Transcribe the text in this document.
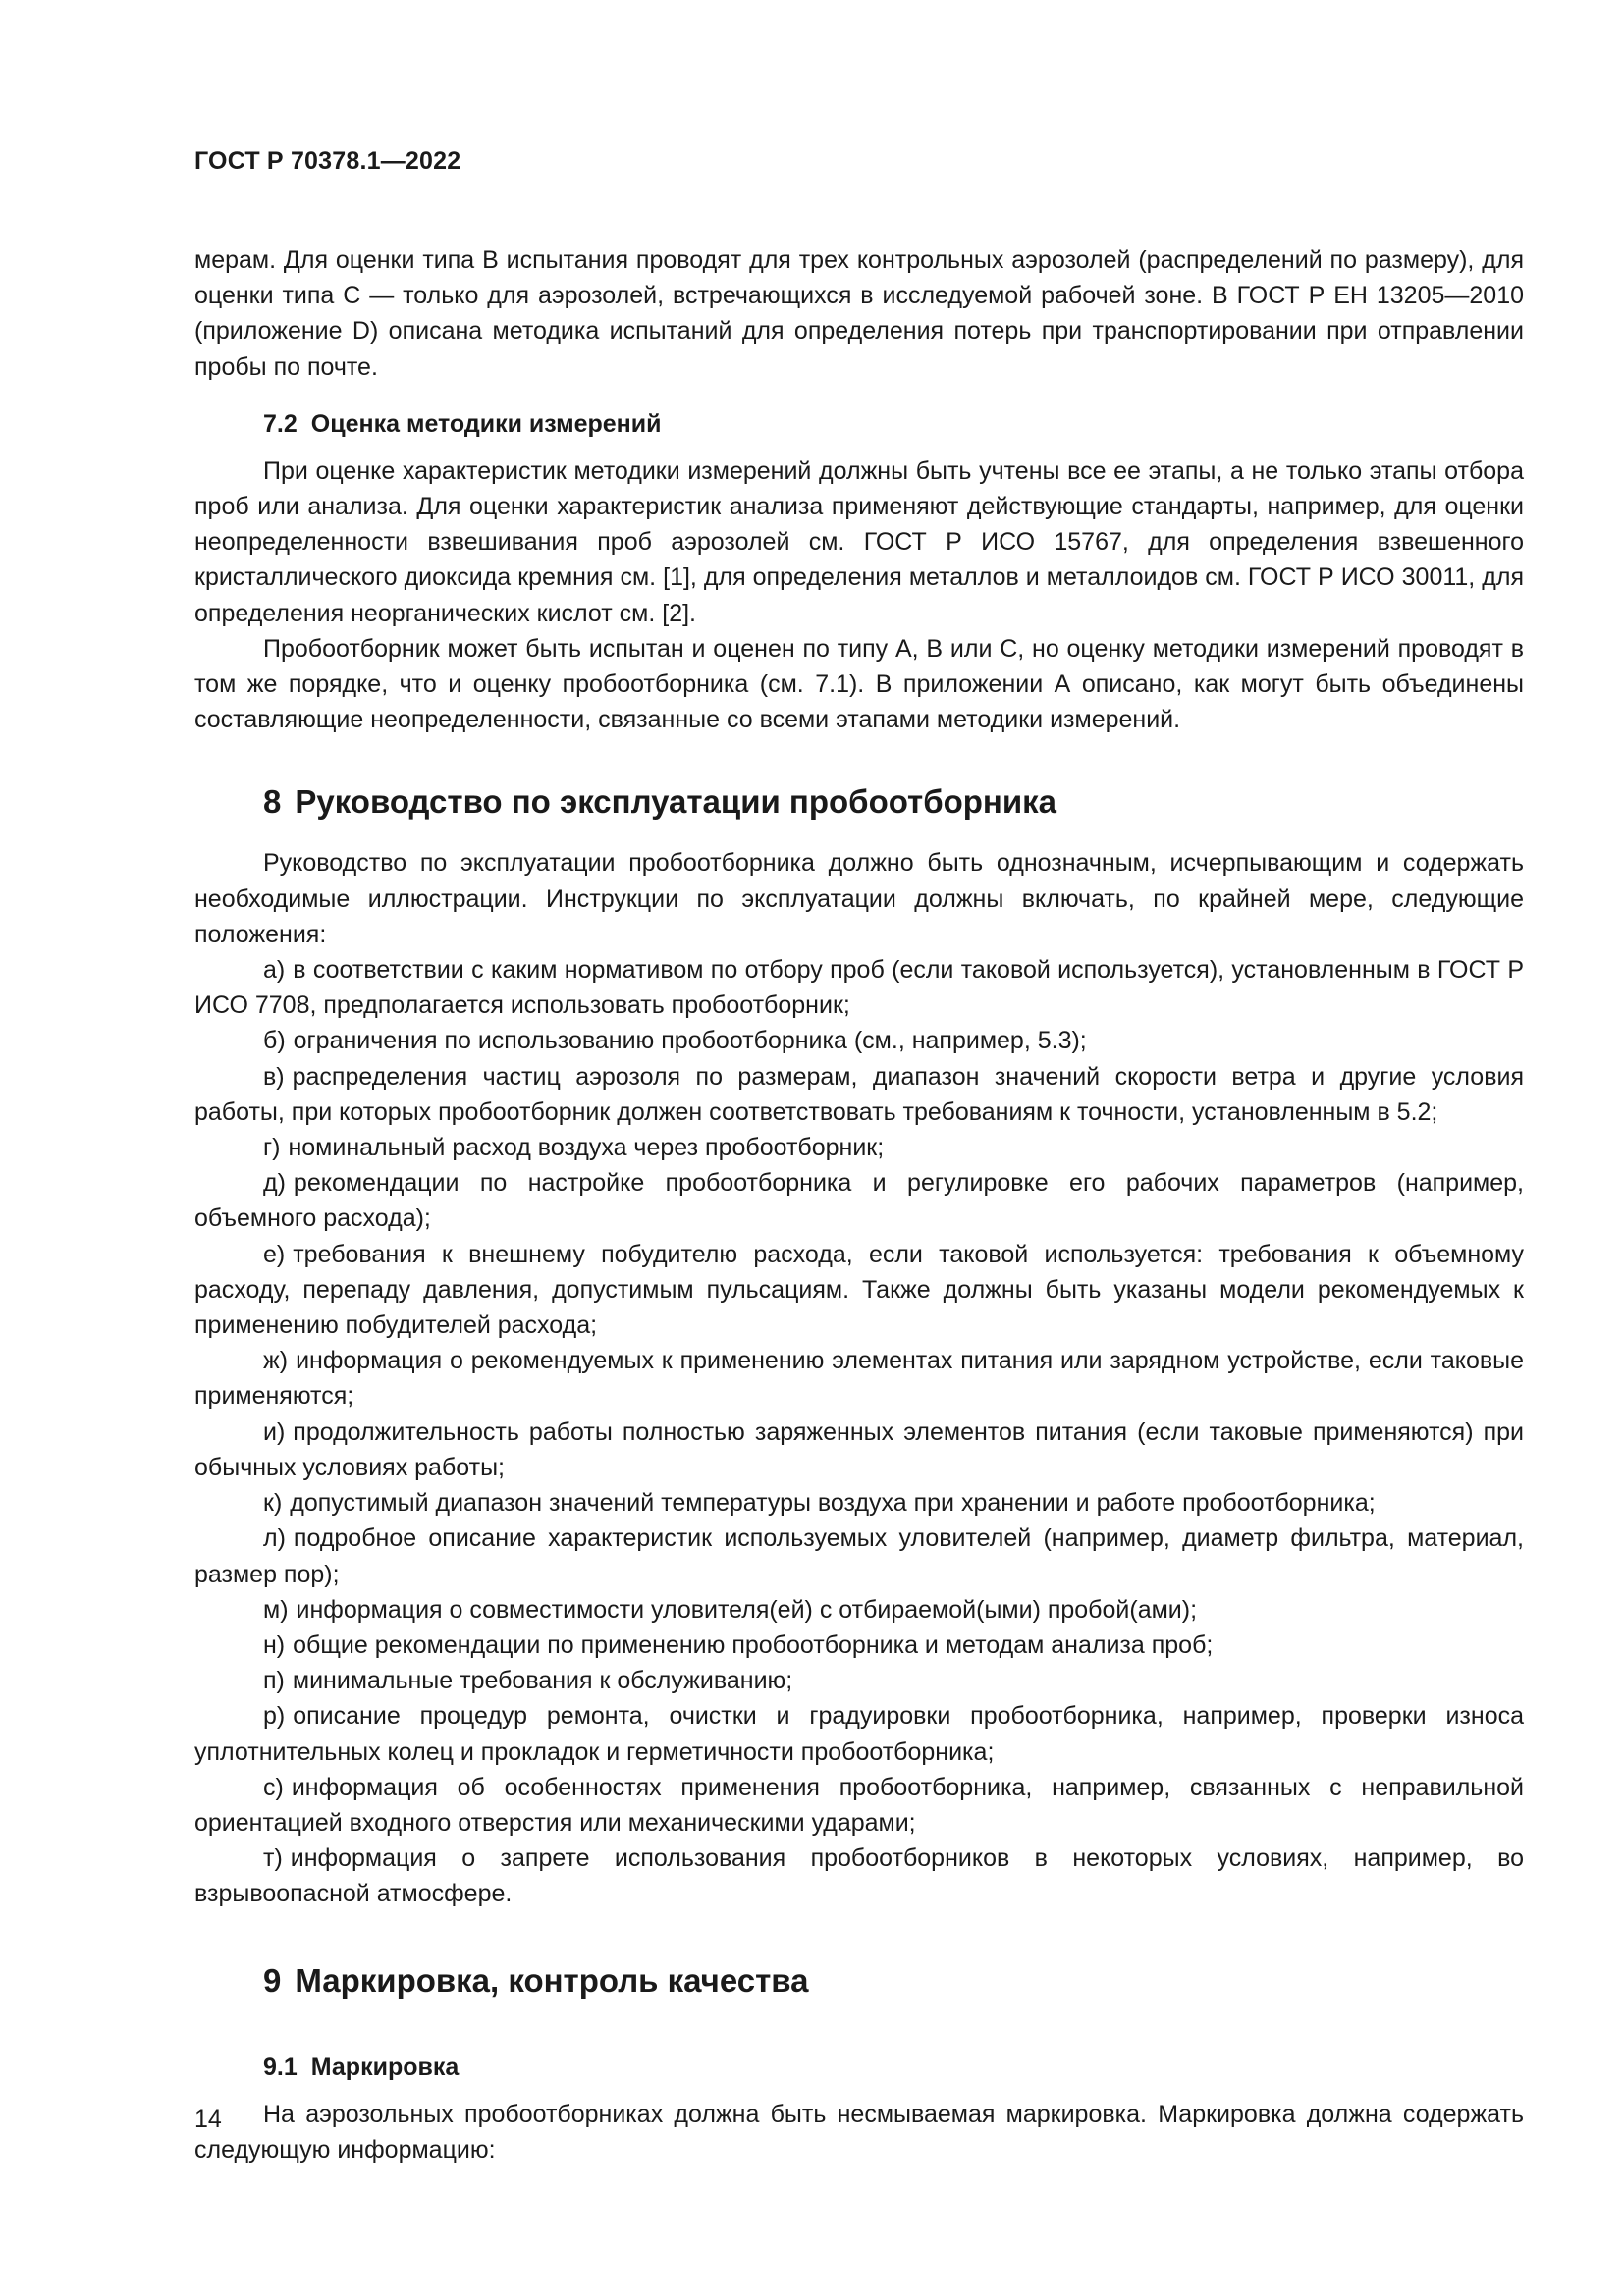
ГОСТ Р 70378.1—2022

мерам. Для оценки типа В испытания проводят для трех контрольных аэрозолей (распределений по размеру), для оценки типа С — только для аэрозолей, встречающихся в исследуемой рабочей зоне. В ГОСТ Р ЕН 13205—2010 (приложение D) описана методика испытаний для определения потерь при транспортировании при отправлении пробы по почте.

7.2 Оценка методики измерений

При оценке характеристик методики измерений должны быть учтены все ее этапы, а не только этапы отбора проб или анализа. Для оценки характеристик анализа применяют действующие стандарты, например, для оценки неопределенности взвешивания проб аэрозолей см. ГОСТ Р ИСО 15767, для определения взвешенного кристаллического диоксида кремния см. [1], для определения металлов и металлоидов см. ГОСТ Р ИСО 30011, для определения неорганических кислот см. [2].

Пробоотборник может быть испытан и оценен по типу А, В или С, но оценку методики измерений проводят в том же порядке, что и оценку пробоотборника (см. 7.1). В приложении А описано, как могут быть объединены составляющие неопределенности, связанные со всеми этапами методики измерений.

8 Руководство по эксплуатации пробоотборника

Руководство по эксплуатации пробоотборника должно быть однозначным, исчерпывающим и содержать необходимые иллюстрации. Инструкции по эксплуатации должны включать, по крайней мере, следующие положения:

а) в соответствии с каким нормативом по отбору проб (если таковой используется), установленным в ГОСТ Р ИСО 7708, предполагается использовать пробоотборник;

б) ограничения по использованию пробоотборника (см., например, 5.3);

в) распределения частиц аэрозоля по размерам, диапазон значений скорости ветра и другие условия работы, при которых пробоотборник должен соответствовать требованиям к точности, установленным в 5.2;

г) номинальный расход воздуха через пробоотборник;

д) рекомендации по настройке пробоотборника и регулировке его рабочих параметров (например, объемного расхода);

е) требования к внешнему побудителю расхода, если таковой используется: требования к объемному расходу, перепаду давления, допустимым пульсациям. Также должны быть указаны модели рекомендуемых к применению побудителей расхода;

ж) информация о рекомендуемых к применению элементах питания или зарядном устройстве, если таковые применяются;

и) продолжительность работы полностью заряженных элементов питания (если таковые применяются) при обычных условиях работы;

к) допустимый диапазон значений температуры воздуха при хранении и работе пробоотборника;

л) подробное описание характеристик используемых уловителей (например, диаметр фильтра, материал, размер пор);

м) информация о совместимости уловителя(ей) с отбираемой(ыми) пробой(ами);

н) общие рекомендации по применению пробоотборника и методам анализа проб;

п) минимальные требования к обслуживанию;

р) описание процедур ремонта, очистки и градуировки пробоотборника, например, проверки износа уплотнительных колец и прокладок и герметичности пробоотборника;

с) информация об особенностях применения пробоотборника, например, связанных с неправильной ориентацией входного отверстия или механическими ударами;

т) информация о запрете использования пробоотборников в некоторых условиях, например, во взрывоопасной атмосфере.

9 Маркировка, контроль качества
9.1 Маркировка

На аэрозольных пробоотборниках должна быть несмываемая маркировка. Маркировка должна содержать следующую информацию:

14
